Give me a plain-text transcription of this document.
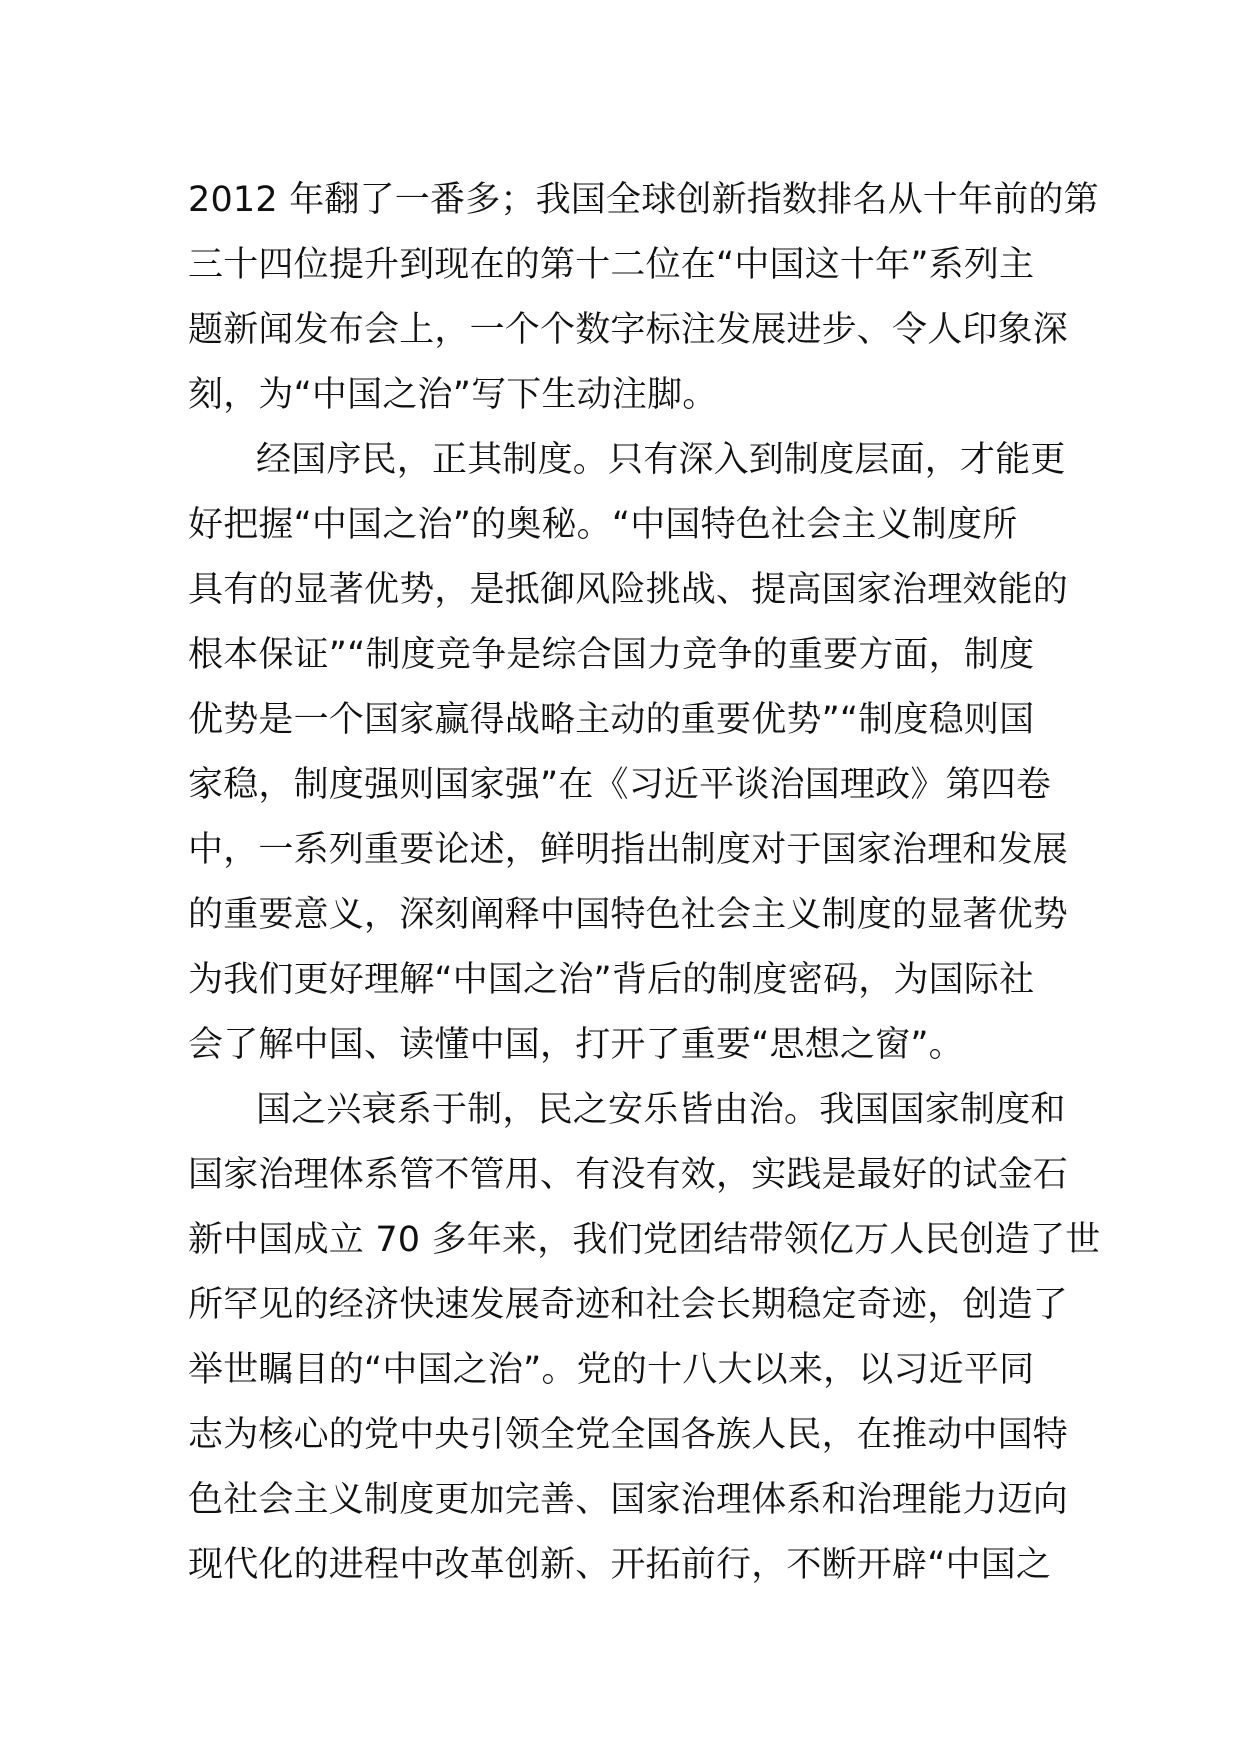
2012 年翻了一番多；我国全球创新指数排名从十年前的第
三十四位提升到现在的第十二位在“中国这十年”系列主
题新闻发布会上，一个个数字标注发展进步、令人印象深
刻，为“中国之治”写下生动注脚。
经国序民，正其制度。只有深入到制度层面，才能更
好把握“中国之治”的奥秘。“中国特色社会主义制度所
具有的显著优势，是抵御风险挑战、提高国家治理效能的
根本保证”“制度竞争是综合国力竞争的重要方面，制度
优势是一个国家赢得战略主动的重要优势”“制度稳则国
家稳，制度强则国家强”在《习近平谈治国理政》第四卷
中，一系列重要论述，鲜明指出制度对于国家治理和发展
的重要意义，深刻阐释中国特色社会主义制度的显著优势
为我们更好理解“中国之治”背后的制度密码，为国际社
会了解中国、读懂中国，打开了重要“思想之窗”。
国之兴衰系于制，民之安乐皆由治。我国国家制度和
国家治理体系管不管用、有没有效，实践是最好的试金石
新中国成立 70 多年来，我们党团结带领亿万人民创造了世
所罕见的经济快速发展奇迹和社会长期稳定奇迹，创造了
举世瞩目的“中国之治”。党的十八大以来，以习近平同
志为核心的党中央引领全党全国各族人民，在推动中国特
色社会主义制度更加完善、国家治理体系和治理能力迈向
现代化的进程中改革创新、开拓前行，不断开辟“中国之
